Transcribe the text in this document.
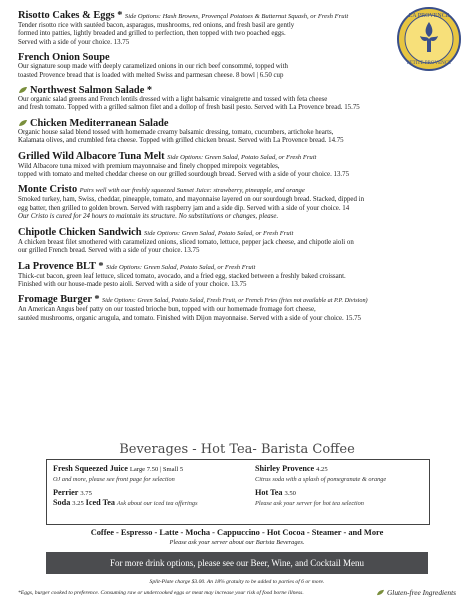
LA PROVENCE
PETITE PROVENCE
Risotto Cakes & Eggs * Side Options: Hash Browns, Provençal Potatoes & Butternut Squash, or Fresh Fruit
Tender risotto rice with sautéed bacon, asparagus, mushrooms, red onions, and fresh basil are gently
formed into patties, lightly breaded and grilled to perfection, then topped with two poached eggs.
Served with a side of your choice. 13.75
French Onion Soupe
Our signature soup made with deeply caramelized onions in our rich beef consommé, topped with
toasted Provence bread that is loaded with melted Swiss and parmesan cheese. 8 bowl | 6.50 cup
Northwest Salmon Salade *
Our organic salad greens and French lentils dressed with a light balsamic vinaigrette and tossed with feta cheese
and fresh tomato. Topped with a grilled salmon filet and a dollop of fresh basil pesto. Served with La Provence bread. 15.75
Chicken Mediterranean Salade
Organic house salad blend tossed with homemade creamy balsamic dressing, tomato, cucumbers, artichoke hearts,
Kalamata olives, and crumbled feta cheese. Topped with grilled chicken breast. Served with La Provence bread. 14.75
Grilled Wild Albacore Tuna Melt Side Options: Green Salad, Potato Salad, or Fresh Fruit
Wild Albacore tuna mixed with premium mayonnaise and finely chopped mirepoix vegetables,
topped with tomato and melted cheddar cheese on our grilled sourdough bread. Served with a side of your choice. 13.75
Monte Cristo Pairs well with our freshly squeezed Sunset Juice: strawberry, pineapple, and orange
Smoked turkey, ham, Swiss, cheddar, pineapple, tomato, and mayonnaise layered on our sourdough bread. Stacked, dipped in
egg batter, then grilled to golden brown. Served with raspberry jam and a side dip. Served with a side of your choice. 14
Our Cristo is cured for 24 hours to maintain its structure. No substitutions or changes, please.
Chipotle Chicken Sandwich Side Options: Green Salad, Potato Salad, or Fresh Fruit
A chicken breast filet smothered with caramelized onions, sliced tomato, lettuce, pepper jack cheese, and chipotle aioli on
our grilled French bread. Served with a side of your choice. 13.75
La Provence BLT * Side Options: Green Salad, Potato Salad, or Fresh Fruit
Thick-cut bacon, green leaf lettuce, sliced tomato, avocado, and a fried egg, stacked between a freshly baked croissant.
Finished with our house-made pesto aioli. Served with a side of your choice. 13.75
Fromage Burger * Side Options: Green Salad, Potato Salad, Fresh Fruit, or French Fries (fries not available at P.P. Division)
An American Angus beef patty on our toasted brioche bun, topped with our homemade fromage fort cheese,
sautéed mushrooms, organic arugula, and tomato. Finished with Dijon mayonnaise. Served with a side of your choice. 15.75
Beverages - Hot Tea- Barista Coffee
Fresh Squeezed Juice Large 7.50 | Small 5
OJ and more, please see front page for selection
Perrier 3.75
Soda 3.25 Iced Tea Ask about our iced tea offerings
Shirley Provence 4.25
Citrus soda with a splash of pomegranate & orange
Hot Tea 3.50
Please ask your server for hot tea selection
Coffee - Espresso - Latte - Mocha - Cappuccino - Hot Cocoa - Steamer - and More
Please ask your server about our Barista Beverages.
For more drink options, please see our Beer, Wine, and Cocktail Menu
Split-Plate charge $3.00. An 18% gratuity to be added to parties of 6 or more.
*Eggs, burger cooked to preference. Consuming raw or undercooked eggs or meat may increase your risk of food borne illness.	Gluten-free Ingredients
